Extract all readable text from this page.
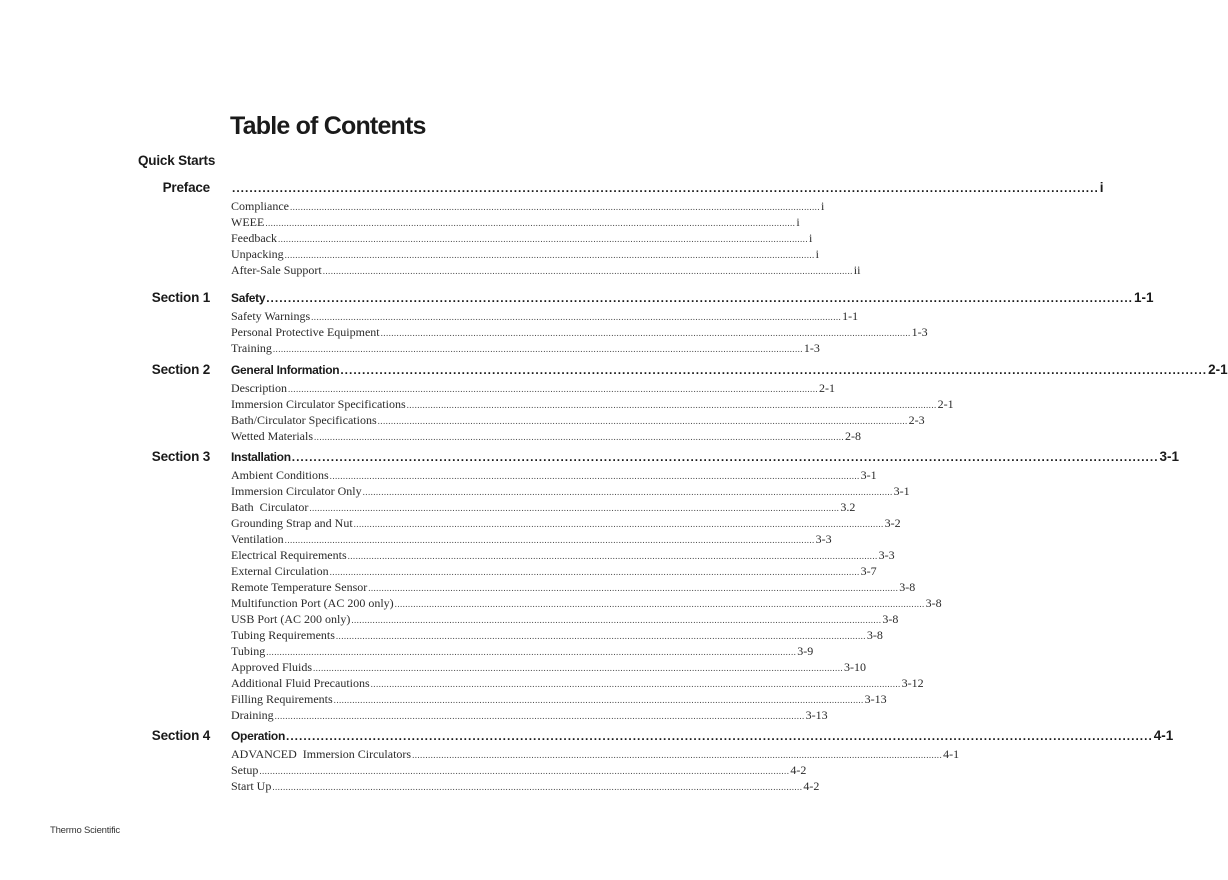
Table of Contents
Quick Starts
Preface ........................................................................................................................................................................................................ i
Compliance ........................................................................................................................................................................................................ i
WEEE ........................................................................................................................................................................................................ i
Feedback ........................................................................................................................................................................................................ i
Unpacking ........................................................................................................................................................................................................ i
After-Sale Support ........................................................................................................................................................................................................ ii
Section 1 Safety ........................................................................................................................................................................................................ 1-1
Safety Warnings ........................................................................................................................................................................................................ 1-1
Personal Protective Equipment ........................................................................................................................................................................................................ 1-3
Training ........................................................................................................................................................................................................ 1-3
Section 2 General Information ........................................................................................................................................................................................................ 2-1
Description ........................................................................................................................................................................................................ 2-1
Immersion Circulator Specifications ........................................................................................................................................................................................................ 2-1
Bath/Circulator Specifications ........................................................................................................................................................................................................ 2-3
Wetted Materials ........................................................................................................................................................................................................ 2-8
Section 3 Installation ........................................................................................................................................................................................................ 3-1
Ambient Conditions ........................................................................................................................................................................................................ 3-1
Immersion Circulator Only ........................................................................................................................................................................................................ 3-1
Bath  Circulator ........................................................................................................................................................................................................ 3.2
Grounding Strap and Nut ........................................................................................................................................................................................................ 3-2
Ventilation ........................................................................................................................................................................................................ 3-3
Electrical Requirements ........................................................................................................................................................................................................ 3-3
External Circulation ........................................................................................................................................................................................................ 3-7
Remote Temperature Sensor ........................................................................................................................................................................................................ 3-8
Multifunction Port (AC 200 only) ........................................................................................................................................................................................................ 3-8
USB Port (AC 200 only) ........................................................................................................................................................................................................ 3-8
Tubing Requirements ........................................................................................................................................................................................................ 3-8
Tubing ........................................................................................................................................................................................................ 3-9
Approved Fluids ........................................................................................................................................................................................................ 3-10
Additional Fluid Precautions ........................................................................................................................................................................................................ 3-12
Filling Requirements ........................................................................................................................................................................................................ 3-13
Draining ........................................................................................................................................................................................................ 3-13
Section 4 Operation ........................................................................................................................................................................................................ 4-1
ADVANCED  Immersion Circulators ........................................................................................................................................................................................................ 4-1
Setup ........................................................................................................................................................................................................ 4-2
Start Up ........................................................................................................................................................................................................ 4-2
Thermo Scientific
